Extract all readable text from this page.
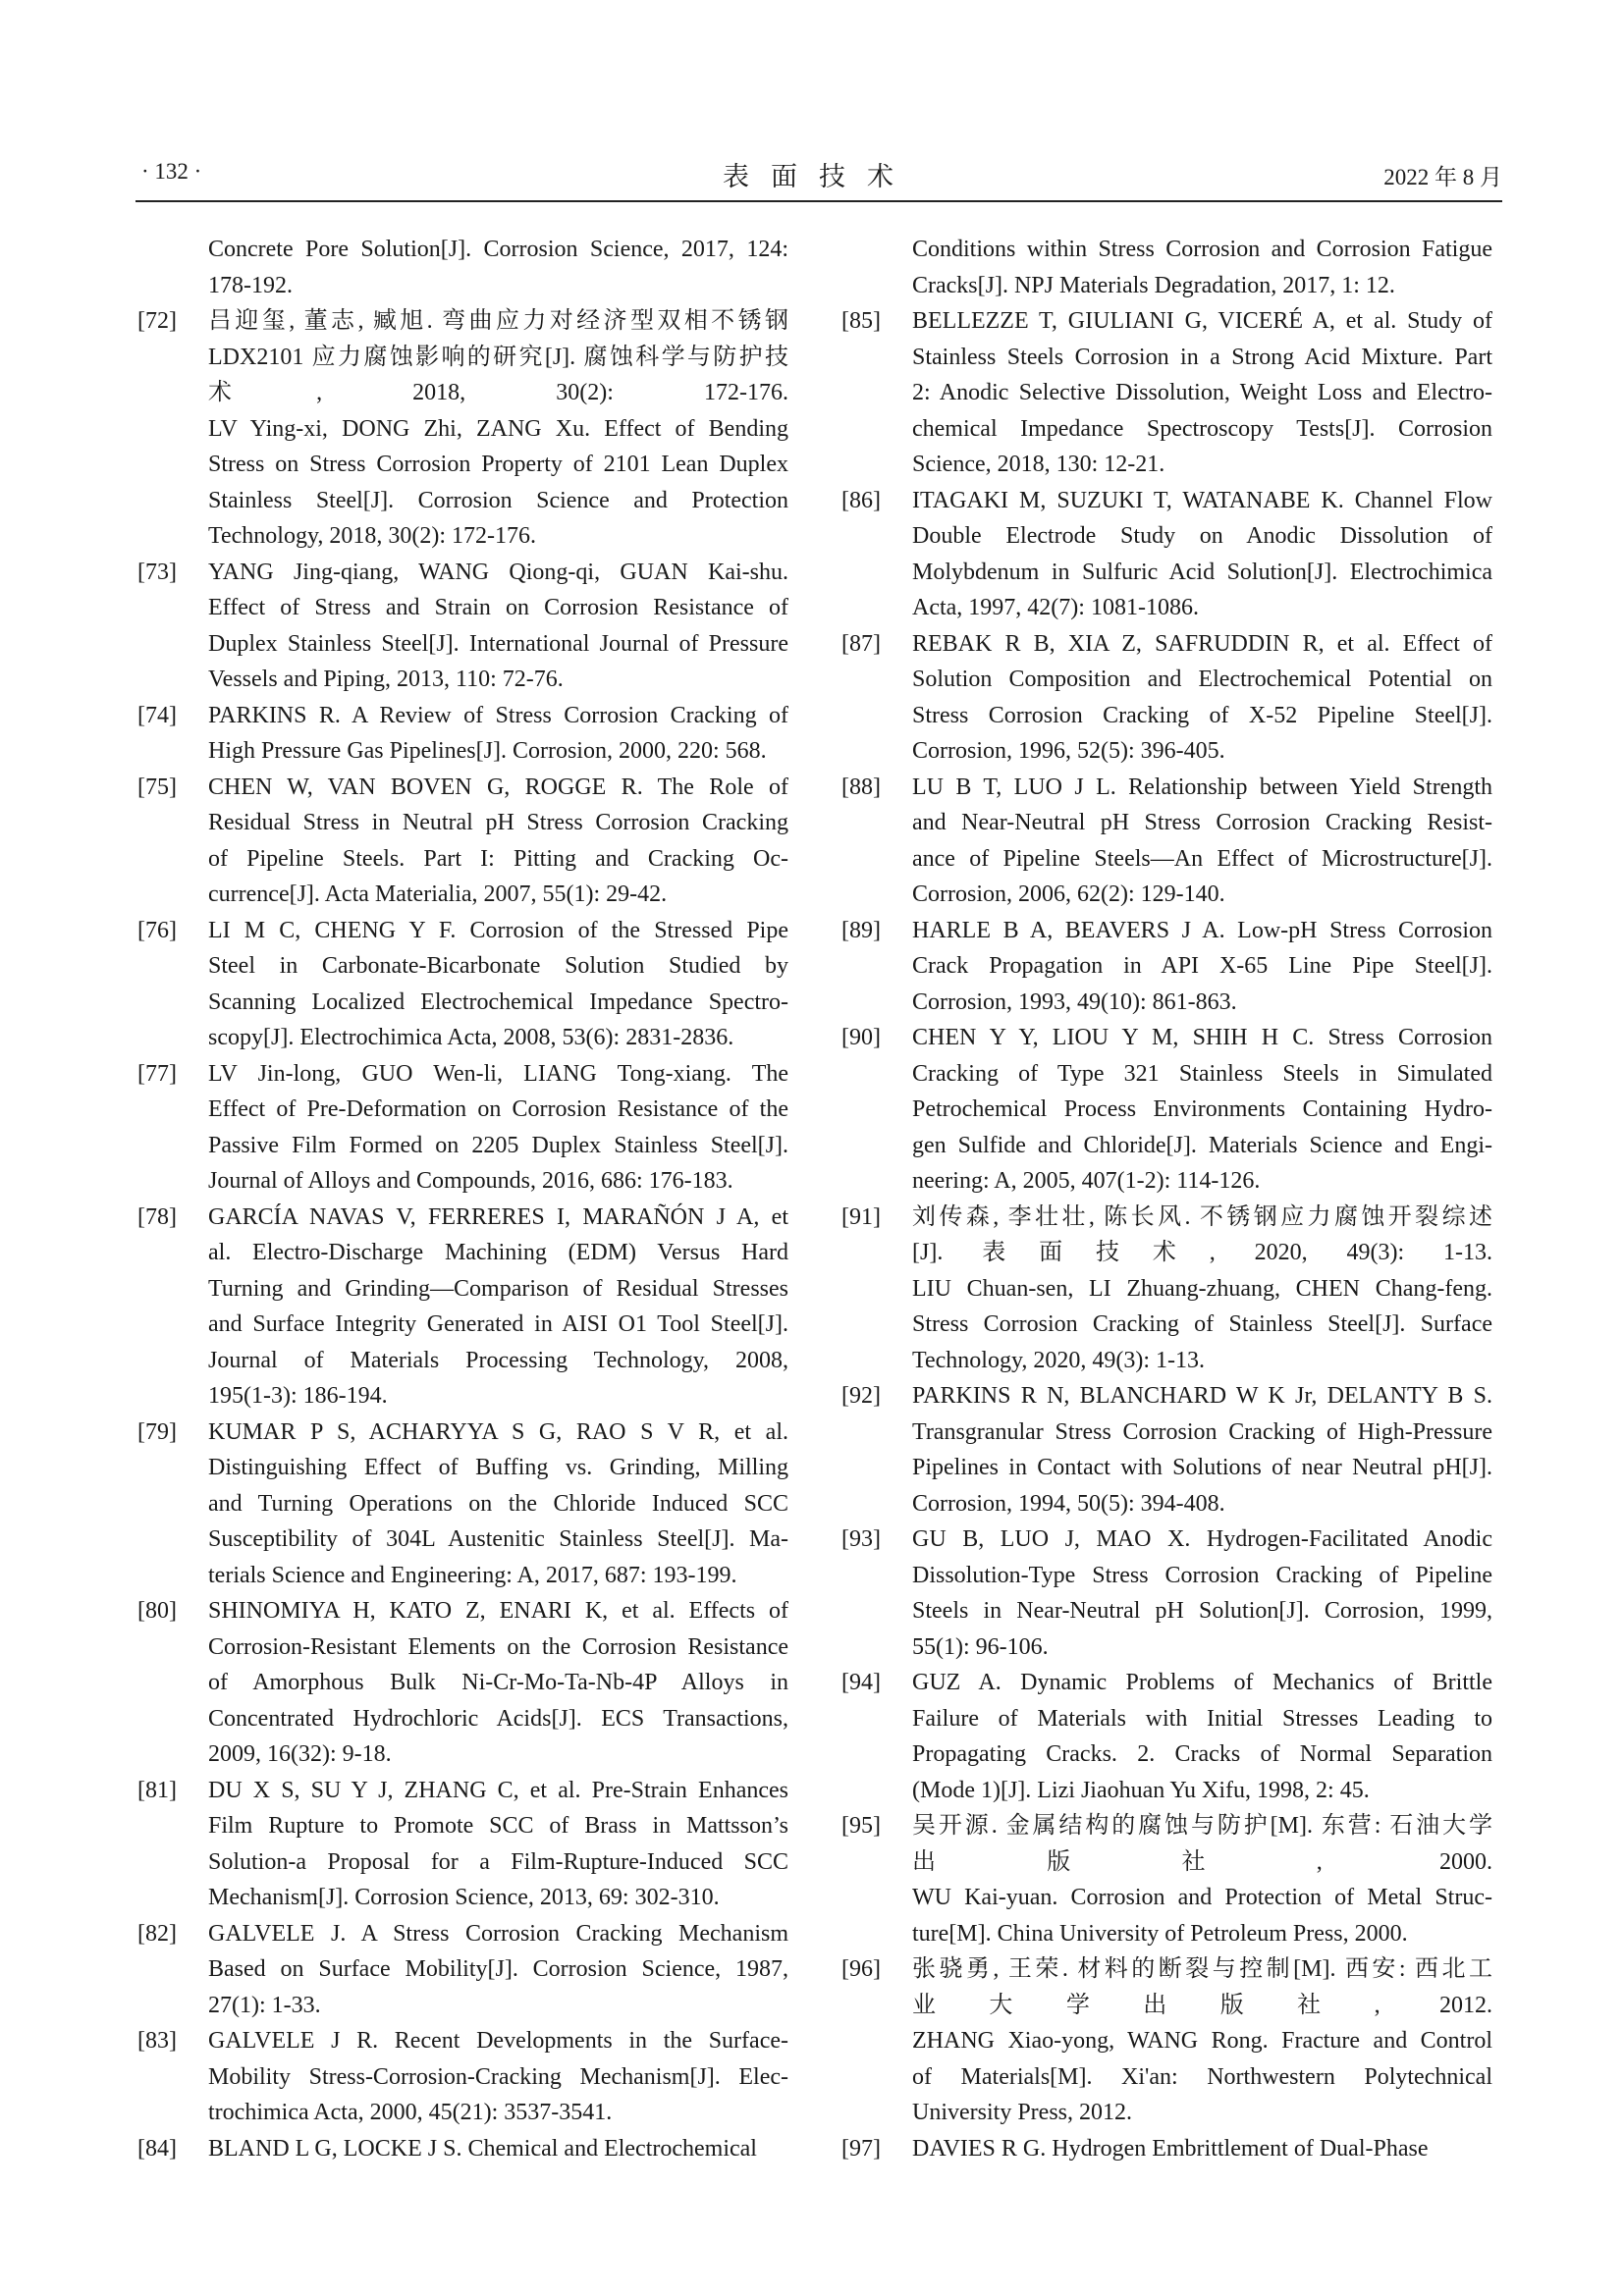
· 132 ·	表面技术	2022 年 8 月
Concrete Pore Solution[J]. Corrosion Science, 2017, 124:
178-192.
[72] 吕迎玺, 董志, 臧旭. 弯曲应力对经济型双相不锈钢
LDX2101 应力腐蚀影响的研究[J]. 腐蚀科学与防护技
术, 2018, 30(2): 172-176.
LV Ying-xi, DONG Zhi, ZANG Xu. Effect of Bending
Stress on Stress Corrosion Property of 2101 Lean Duplex
Stainless Steel[J]. Corrosion Science and Protection
Technology, 2018, 30(2): 172-176.
[73] YANG Jing-qiang, WANG Qiong-qi, GUAN Kai-shu.
Effect of Stress and Strain on Corrosion Resistance of
Duplex Stainless Steel[J]. International Journal of Pressure
Vessels and Piping, 2013, 110: 72-76.
[74] PARKINS R. A Review of Stress Corrosion Cracking of
High Pressure Gas Pipelines[J]. Corrosion, 2000, 220: 568.
[75] CHEN W, VAN BOVEN G, ROGGE R. The Role of
Residual Stress in Neutral pH Stress Corrosion Cracking
of Pipeline Steels. Part I: Pitting and Cracking Oc-
currence[J]. Acta Materialia, 2007, 55(1): 29-42.
[76] LI M C, CHENG Y F. Corrosion of the Stressed Pipe
Steel in Carbonate-Bicarbonate Solution Studied by
Scanning Localized Electrochemical Impedance Spectro-
scopy[J]. Electrochimica Acta, 2008, 53(6): 2831-2836.
[77] LV Jin-long, GUO Wen-li, LIANG Tong-xiang. The
Effect of Pre-Deformation on Corrosion Resistance of the
Passive Film Formed on 2205 Duplex Stainless Steel[J].
Journal of Alloys and Compounds, 2016, 686: 176-183.
[78] GARCÍA NAVAS V, FERRERES I, MARAÑÓN J A, et
al. Electro-Discharge Machining (EDM) Versus Hard
Turning and Grinding—Comparison of Residual Stresses
and Surface Integrity Generated in AISI O1 Tool Steel[J].
Journal of Materials Processing Technology, 2008,
195(1-3): 186-194.
[79] KUMAR P S, ACHARYYA S G, RAO S V R, et al.
Distinguishing Effect of Buffing vs. Grinding, Milling
and Turning Operations on the Chloride Induced SCC
Susceptibility of 304L Austenitic Stainless Steel[J]. Ma-
terials Science and Engineering: A, 2017, 687: 193-199.
[80] SHINOMIYA H, KATO Z, ENARI K, et al. Effects of
Corrosion-Resistant Elements on the Corrosion Resistance
of Amorphous Bulk Ni-Cr-Mo-Ta-Nb-4P Alloys in
Concentrated Hydrochloric Acids[J]. ECS Transactions,
2009, 16(32): 9-18.
[81] DU X S, SU Y J, ZHANG C, et al. Pre-Strain Enhances
Film Rupture to Promote SCC of Brass in Mattsson’s
Solution-a Proposal for a Film-Rupture-Induced SCC
Mechanism[J]. Corrosion Science, 2013, 69: 302-310.
[82] GALVELE J. A Stress Corrosion Cracking Mechanism
Based on Surface Mobility[J]. Corrosion Science, 1987,
27(1): 1-33.
[83] GALVELE J R. Recent Developments in the Surface-
Mobility Stress-Corrosion-Cracking Mechanism[J]. Elec-
trochimica Acta, 2000, 45(21): 3537-3541.
[84] BLAND L G, LOCKE J S. Chemical and Electrochemical
Conditions within Stress Corrosion and Corrosion Fatigue
Cracks[J]. NPJ Materials Degradation, 2017, 1: 12.
[85] BELLEZZE T, GIULIANI G, VICERÉ A, et al. Study of
Stainless Steels Corrosion in a Strong Acid Mixture. Part
2: Anodic Selective Dissolution, Weight Loss and Electro-
chemical Impedance Spectroscopy Tests[J]. Corrosion
Science, 2018, 130: 12-21.
[86] ITAGAKI M, SUZUKI T, WATANABE K. Channel Flow
Double Electrode Study on Anodic Dissolution of
Molybdenum in Sulfuric Acid Solution[J]. Electrochimica
Acta, 1997, 42(7): 1081-1086.
[87] REBAK R B, XIA Z, SAFRUDDIN R, et al. Effect of
Solution Composition and Electrochemical Potential on
Stress Corrosion Cracking of X-52 Pipeline Steel[J].
Corrosion, 1996, 52(5): 396-405.
[88] LU B T, LUO J L. Relationship between Yield Strength
and Near-Neutral pH Stress Corrosion Cracking Resist-
ance of Pipeline Steels—An Effect of Microstructure[J].
Corrosion, 2006, 62(2): 129-140.
[89] HARLE B A, BEAVERS J A. Low-pH Stress Corrosion
Crack Propagation in API X-65 Line Pipe Steel[J].
Corrosion, 1993, 49(10): 861-863.
[90] CHEN Y Y, LIOU Y M, SHIH H C. Stress Corrosion
Cracking of Type 321 Stainless Steels in Simulated
Petrochemical Process Environments Containing Hydro-
gen Sulfide and Chloride[J]. Materials Science and Engi-
neering: A, 2005, 407(1-2): 114-126.
[91] 刘传森, 李壮壮, 陈长风. 不锈钢应力腐蚀开裂综述
[J]. 表面技术, 2020, 49(3): 1-13.
LIU Chuan-sen, LI Zhuang-zhuang, CHEN Chang-feng.
Stress Corrosion Cracking of Stainless Steel[J]. Surface
Technology, 2020, 49(3): 1-13.
[92] PARKINS R N, BLANCHARD W K Jr, DELANTY B S.
Transgranular Stress Corrosion Cracking of High-Pressure
Pipelines in Contact with Solutions of near Neutral pH[J].
Corrosion, 1994, 50(5): 394-408.
[93] GU B, LUO J, MAO X. Hydrogen-Facilitated Anodic
Dissolution-Type Stress Corrosion Cracking of Pipeline
Steels in Near-Neutral pH Solution[J]. Corrosion, 1999,
55(1): 96-106.
[94] GUZ A. Dynamic Problems of Mechanics of Brittle
Failure of Materials with Initial Stresses Leading to
Propagating Cracks. 2. Cracks of Normal Separation
(Mode 1)[J]. Lizi Jiaohuan Yu Xifu, 1998, 2: 45.
[95] 吴开源. 金属结构的腐蚀与防护[M]. 东营: 石油大学
出版社, 2000.
WU Kai-yuan. Corrosion and Protection of Metal Struc-
ture[M]. China University of Petroleum Press, 2000.
[96] 张骁勇, 王荣. 材料的断裂与控制[M]. 西安: 西北工
业大学出版社, 2012.
ZHANG Xiao-yong, WANG Rong. Fracture and Control
of Materials[M]. Xi'an: Northwestern Polytechnical
University Press, 2012.
[97] DAVIES R G. Hydrogen Embrittlement of Dual-Phase
